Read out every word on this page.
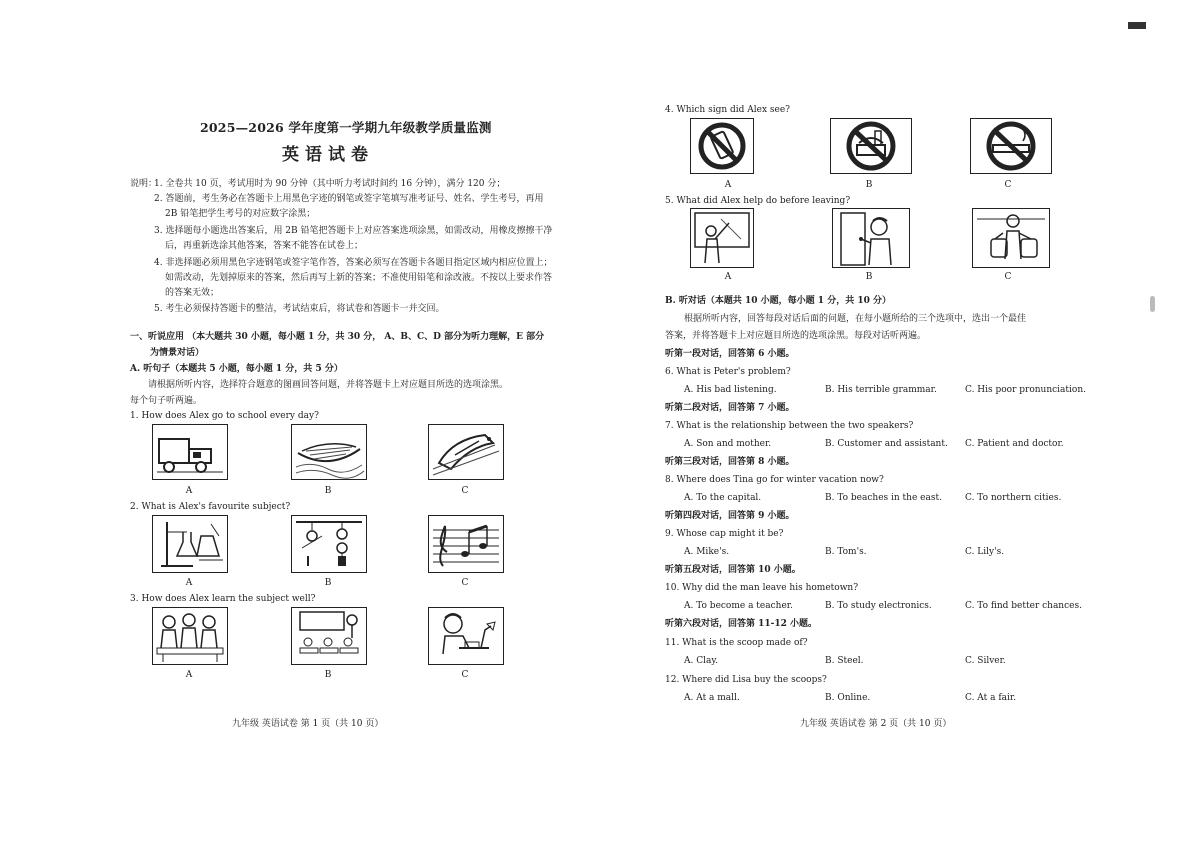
2025—2026 学年度第一学期九年级教学质量监测
英语试卷
说明：
1. 全卷共 10 页，考试用时为 90 分钟（其中听力考试时间约 16 分钟），满分 120 分；
2. 答题前，考生务必在答题卡上用黑色字迹的钢笔或签字笔填写准考证号、姓名、学生考号，再用
2B 铅笔把学生考号的对应数字涂黑；
3. 选择题每小题选出答案后，用 2B 铅笔把答题卡上对应答案选项涂黑，如需改动，用橡皮擦擦干净
后，再重新选涂其他答案，答案不能答在试卷上；
4. 非选择题必须用黑色字迹钢笔或签字笔作答，答案必须写在答题卡各题目指定区域内相应位置上；
如需改动，先划掉原来的答案，然后再写上新的答案；不准使用铅笔和涂改液。不按以上要求作答
的答案无效；
5. 考生必须保持答题卡的整洁，考试结束后，将试卷和答题卡一并交回。
一、听说应用 （本大题共 30 小题，每小题 1 分，共 30 分， A、B、C、D 部分为听力理解，E 部分
为情景对话）
A. 听句子（本题共 5 小题，每小题 1 分，共 5 分）
请根据所听内容，选择符合题意的图画回答问题，并将答题卡上对应题目所选的选项涂黑。
每个句子听两遍。
1. How does Alex go to school every day?
A	B	C
2. What is Alex's favourite subject?
A	B	C
3. How does Alex learn the subject well?
A	B	C
九年级 英语试卷 第 1 页（共 10 页）
4. Which sign did Alex see?
A	B	C
5. What did Alex help do before leaving?
A	B	C
B. 听对话（本题共 10 小题，每小题 1 分，共 10 分）
根据所听内容，回答每段对话后面的问题，在每小题所给的三个选项中，选出一个最佳
答案，并将答题卡上对应题目所选的选项涂黑。每段对话听两遍。
听第一段对话，回答第 6 小题。
6. What is Peter's problem?
A. His bad listening.	B. His terrible grammar.	C. His poor pronunciation.
听第二段对话，回答第 7 小题。
7. What is the relationship between the two speakers?
A. Son and mother.	B. Customer and assistant. C. Patient and doctor.
听第三段对话，回答第 8 小题。
8. Where does Tina go for winter vacation now?
A. To the capital.	B. To beaches in the east.	C. To northern cities.
听第四段对话，回答第 9 小题。
9. Whose cap might it be?
A. Mike's.	B. Tom's.	C. Lily's.
听第五段对话，回答第 10 小题。
10. Why did the man leave his hometown?
A. To become a teacher.	B. To study electronics.	C. To find better chances.
听第六段对话，回答第 11-12 小题。
11. What is the scoop made of?
A. Clay.	B. Steel.	C. Silver.
12. Where did Lisa buy the scoops?
A. At a mall.	B. Online.	C. At a fair.
九年级 英语试卷 第 2 页（共 10 页）
